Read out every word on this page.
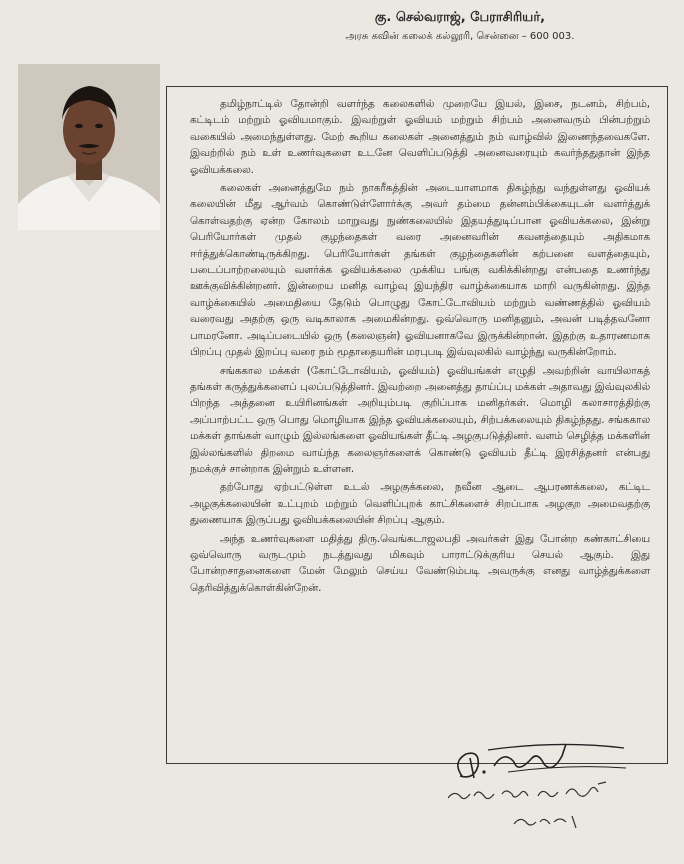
கு. செல்வராஜ், பேராசிரியர்,
அரசு கவின் கலைக் கல்லூரி, சென்னை – 600 003.

தமிழ்நாட்டில் தோன்றி வளர்ந்த கலைகளில் முறையே இயல், இசை, நடனம், சிற்பம், கட்டிடம் மற்றும் ஓவியமாகும். இவற்றுள் ஓவியம் மற்றும் சிற்பம் அனைவரும் பின்பற்றும் வகையில் அமைந்துள்ளது. மேற் கூறிய கலைகள் அனைத்தும் நம் வாழ்வில் இணைந்தவைகளே. இவற்றில் நம் உள் உணர்வுகளை உடனே வெளிப்படுத்தி அனைவரையும் கவர்ந்ததுதான் இந்த ஓவியக்கலை.

கலைகள் அனைத்துமே நம் நாகரீகத்தின் அடையாளமாக திகழ்ந்து வந்துள்ளது ஓவியக் கலையின் மீது ஆர்வம் கொண்டுள்ளோர்க்கு அவர் தம்மை தன்னம்பிக்கையுடன் வளர்த்துக் கொள்வதற்கு ஏன்ற கோலம் மாறுவது நுண்கலையில் இதயத்துடிப்பான ஓவியக்கலை, இன்று பெரியோர்கள் முதல் குழந்தைகள் வரை அனைவரின் கவனத்தையும் அதிகமாக ஈர்த்துக்கொண்டிருக்கிறது. பெரியோர்கள் தங்கள் குழந்தைகளின் கற்பனை வளத்தையும், படைப்பாற்றலையும் வளர்க்க ஓவியக்கலை முக்கிய பங்கு வகிக்கின்றது என்பதை உணர்ந்து ஊக்குவிக்கின்றனர். இன்றைய மனித வாழ்வு இயந்திர வாழ்க்கையாக மாறி வருகின்றது. இந்த வாழ்க்கையில் அமைதியை தேடும் பொழுது கோட்டோவியம் மற்றும் வண்ணத்தில் ஓவியம் வரைவது அதற்கு ஒரு வடிகாலாக அமைகின்றது. ஒவ்வொரு மனிதனும், அவன் படித்தவனோ பாமரனோ. அடிப்படையில் ஒரு (கலைஞன்) ஓவியனாகவே இருக்கின்றான். இதற்கு உதாரணமாக பிறப்பு முதல் இறப்பு வரை நம் மூதாதையரின் மரபுபடி இவ்வுலகில் வாழ்ந்து வருகின்றோம்.

சங்ககால மக்கள் (கோட்டோவியம், ஓவியம்) ஓவியங்கள் எழுதி அவற்றின் வாயிலாகத் தங்கள் கருத்துக்களைப் புலப்படுத்தினர். இவற்றை அனைத்து தாய்ப்பு மக்கள் அதாவது இவ்வுலகில் பிறந்த அத்தனை உயிரினங்கள் அறியும்படி குறிப்பாக மனிதர்கள். மொழி கலாசாரத்திற்கு அப்பாற்பட்ட ஒரு பொது மொழியாக இந்த ஓவியக்கலையும், சிற்பக்கலையும் திகழ்ந்தது. சங்ககால மக்கள் தாங்கள் வாழும் இல்லங்களை ஓவியங்கள் தீட்டி அழகுபடுத்தினர். வளம் செழித்த மக்களின் இல்லங்களில் திறமை வாய்ந்த கலைஞர்களைக் கொண்டு ஓவியம் தீட்டி இரசித்தனர் என்பது நமக்குச் சான்றாக இன்றும் உள்ளன.

தற்போது ஏற்பட்டுள்ள உடல் அழகுக்கலை, நவீன ஆடை ஆபரணக்கலை, கட்டிட அழகுக்கலையின் உட்புறம் மற்றும் வெளிப்புறக் காட்சிகளைச் சிறப்பாக அழகுற அமைவதற்கு துணையாக இருப்பது ஓவியக்கலையின் சிறப்பு ஆகும்.

அந்த உணர்வுகளை மதித்து திரு.வெங்கடாஜலபதி அவர்கள் இது போன்ற கண்காட்சியை ஒவ்வொரு வருடமும் நடத்துவது மிகவும் பாராட்டுக்குரிய செயல் ஆகும். இது போன்றசாதனைகளை மேன் மேலும் செய்ய வேண்டும்படி அவருக்கு எனது வாழ்த்துக்களை தெரிவித்துக்கொள்கின்றேன்.
